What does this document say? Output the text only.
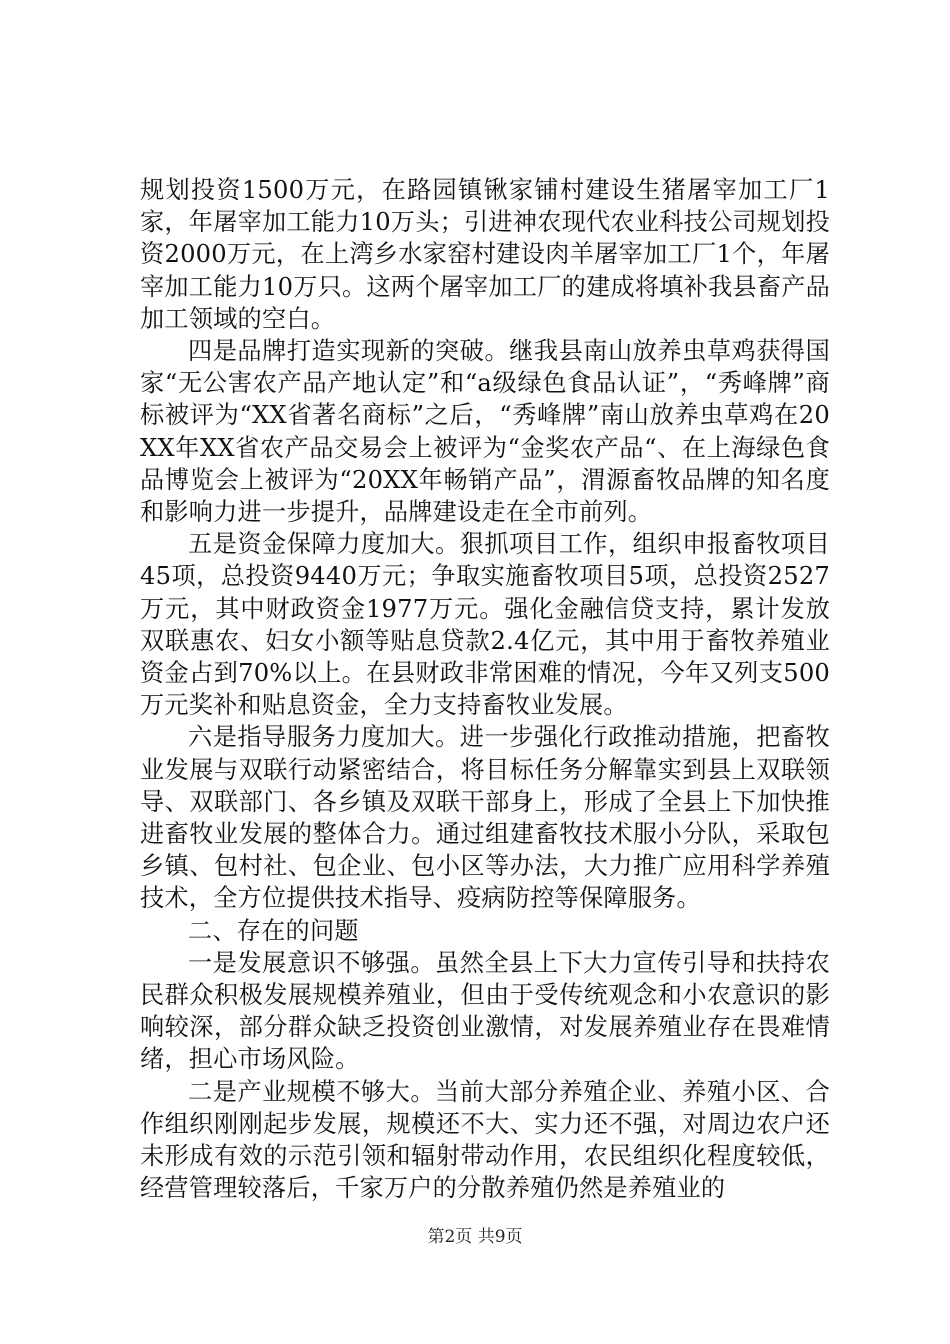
规划投资1500万元，在路园镇锹家铺村建设生猪屠宰加工厂1家，年屠宰加工能力10万头；引进神农现代农业科技公司规划投资2000万元，在上湾乡水家窑村建设肉羊屠宰加工厂1个，年屠宰加工能力10万只。这两个屠宰加工厂的建成将填补我县畜产品加工领域的空白。

四是品牌打造实现新的突破。继我县南山放养虫草鸡获得国家“无公害农产品产地认定”和“a级绿色食品认证”，“秀峰牌”商标被评为“XX省著名商标”之后，“秀峰牌”南山放养虫草鸡在20XX年XX省农产品交易会上被评为“金奖农产品“、在上海绿色食品博览会上被评为“20XX年畅销产品”，渭源畜牧品牌的知名度和影响力进一步提升，品牌建设走在全市前列。

五是资金保障力度加大。狠抓项目工作，组织申报畜牧项目45项，总投资9440万元；争取实施畜牧项目5项，总投资2527万元，其中财政资金1977万元。强化金融信贷支持，累计发放双联惠农、妇女小额等贴息贷款2.4亿元，其中用于畜牧养殖业资金占到70%以上。在县财政非常困难的情况，今年又列支500万元奖补和贴息资金，全力支持畜牧业发展。

六是指导服务力度加大。进一步强化行政推动措施，把畜牧业发展与双联行动紧密结合，将目标任务分解靠实到县上双联领导、双联部门、各乡镇及双联干部身上，形成了全县上下加快推进畜牧业发展的整体合力。通过组建畜牧技术服小分队，采取包乡镇、包村社、包企业、包小区等办法，大力推广应用科学养殖技术，全方位提供技术指导、疫病防控等保障服务。

二、存在的问题

一是发展意识不够强。虽然全县上下大力宣传引导和扶持农民群众积极发展规模养殖业，但由于受传统观念和小农意识的影响较深，部分群众缺乏投资创业激情，对发展养殖业存在畏难情绪，担心市场风险。

二是产业规模不够大。当前大部分养殖企业、养殖小区、合作组织刚刚起步发展，规模还不大、实力还不强，对周边农户还未形成有效的示范引领和辐射带动作用，农民组织化程度较低，经营管理较落后，千家万户的分散养殖仍然是养殖业的

第2页 共9页
